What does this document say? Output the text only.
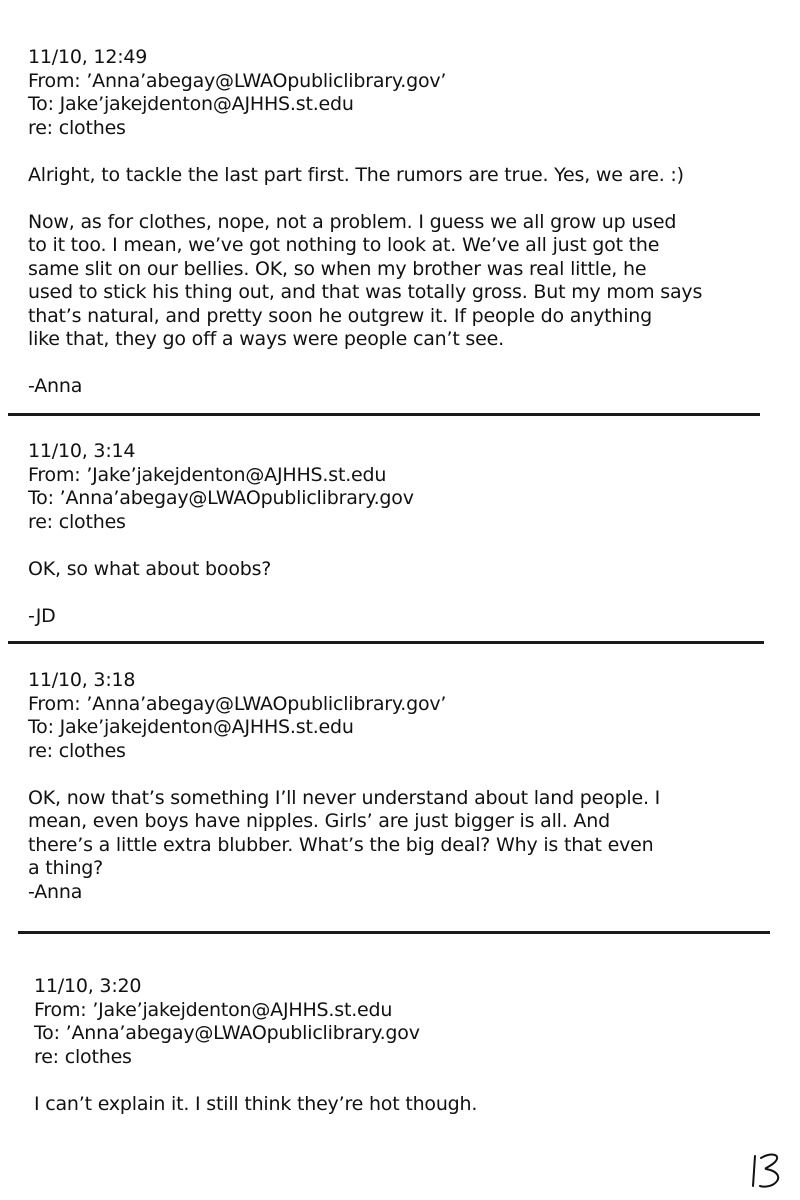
11/10, 12:49
From: ’Anna’abegay@LWAOpubliclibrary.gov’
To: Jake’jakejdenton@AJHHS.st.edu
re: clothes
Alright, to tackle the last part first. The rumors are true. Yes, we are. :)
Now, as for clothes, nope, not a problem. I guess we all grow up used
to it too. I mean, we’ve got nothing to look at. We’ve all just got the
same slit on our bellies. OK, so when my brother was real little, he
used to stick his thing out, and that was totally gross. But my mom says
that’s natural, and pretty soon he outgrew it. If people do anything
like that, they go off a ways were people can’t see.
-Anna
11/10, 3:14
From: ’Jake’jakejdenton@AJHHS.st.edu
To: ’Anna’abegay@LWAOpubliclibrary.gov
re: clothes
OK, so what about boobs?
-JD
11/10, 3:18
From: ’Anna’abegay@LWAOpubliclibrary.gov’
To: Jake’jakejdenton@AJHHS.st.edu
re: clothes
OK, now that’s something I’ll never understand about land people. I
mean, even boys have nipples. Girls’ are just bigger is all. And
there’s a little extra blubber. What’s the big deal? Why is that even
a thing?
-Anna
11/10, 3:20
From: ’Jake’jakejdenton@AJHHS.st.edu
To: ’Anna’abegay@LWAOpubliclibrary.gov
re: clothes
I can’t explain it. I still think they’re hot though.
